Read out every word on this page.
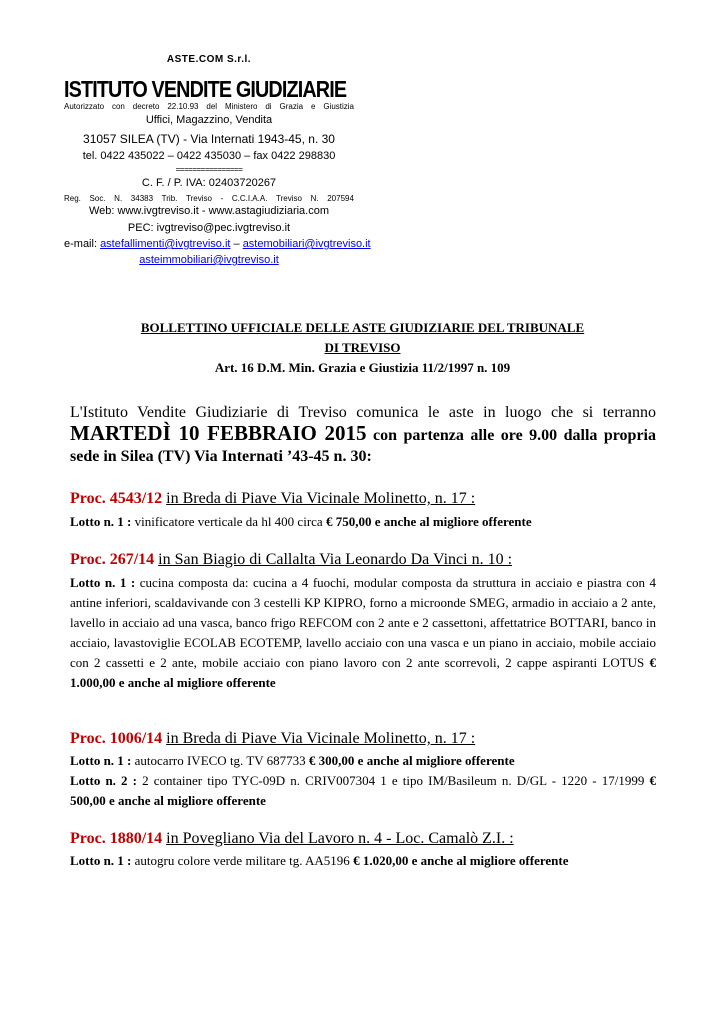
ASTE.COM S.r.l.
ISTITUTO VENDITE GIUDIZIARIE
Autorizzato con decreto 22.10.93 del Ministero di Grazia e Giustizia
Uffici, Magazzino, Vendita
31057 SILEA (TV) - Via Internati 1943-45, n. 30
tel. 0422 435022 – 0422 435030 – fax 0422 298830
================
C. F. / P. IVA: 02403720267
Reg. Soc. N. 34383 Trib. Treviso - C.C.I.A.A. Treviso N. 207594
Web: www.ivgtreviso.it - www.astagiudiziaria.com
PEC: ivgtreviso@pec.ivgtreviso.it
e-mail: astefallimenti@ivgtreviso.it – astemobiliari@ivgtreviso.it
asteimmobiliari@ivgtreviso.it
BOLLETTINO UFFICIALE DELLE ASTE GIUDIZIARIE DEL TRIBUNALE
DI TREVISO
Art. 16 D.M. Min. Grazia e Giustizia 11/2/1997 n. 109
L'Istituto Vendite Giudiziarie di Treviso comunica le aste in luogo che si terranno MARTEDÌ 10 FEBBRAIO 2015 con partenza alle ore 9.00 dalla propria sede in Silea (TV) Via Internati ’43-45 n. 30:
Proc. 4543/12 in Breda di Piave Via Vicinale Molinetto, n. 17 :
Lotto n. 1 : vinificatore verticale da hl 400 circa € 750,00 e anche al migliore offerente
Proc. 267/14 in San Biagio di Callalta Via Leonardo Da Vinci n. 10 :
Lotto n. 1 : cucina composta da: cucina a 4 fuochi, modular composta da struttura in acciaio e piastra con 4 antine inferiori, scaldavivande con 3 cestelli KP KIPRO, forno a microonde SMEG, armadio in acciaio a 2 ante, lavello in acciaio ad una vasca, banco frigo REFCOM con 2 ante e 2 cassettoni, affettatrice BOTTARI, banco in acciaio, lavastoviglie ECOLAB ECOTEMP, lavello acciaio con una vasca e un piano in acciaio, mobile acciaio con 2 cassetti e 2 ante, mobile acciaio con piano lavoro con 2 ante scorrevoli, 2 cappe aspiranti LOTUS € 1.000,00 e anche al migliore offerente
Proc. 1006/14 in Breda di Piave Via Vicinale Molinetto, n. 17 :
Lotto n. 1 : autocarro IVECO tg. TV 687733 € 300,00 e anche al migliore offerente
Lotto n. 2 : 2 container tipo TYC-09D n. CRIV007304 1 e tipo IM/Basileum n. D/GL - 1220 - 17/1999 € 500,00 e anche al migliore offerente
Proc. 1880/14 in Povegliano Via del Lavoro n. 4 - Loc. Camalò Z.I. :
Lotto n. 1 : autogru colore verde militare tg. AA5196 € 1.020,00 e anche al migliore offerente
